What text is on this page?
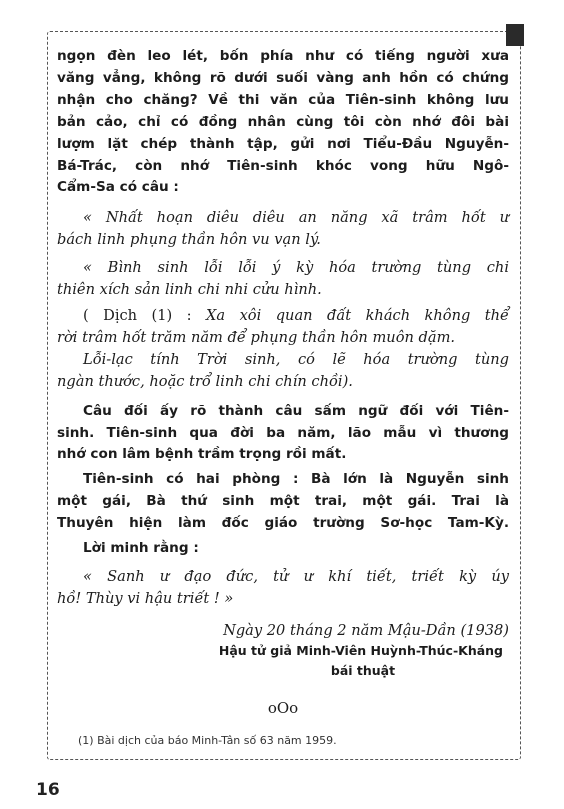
ngọn đèn leo lét, bốn phía như có tiếng người xưa

văng vẳng, không rõ dưới suối vàng anh hồn có chứng

nhận cho chăng? Về thi văn của Tiên-sinh không lưu

bản cảo, chỉ có đồng nhân cùng tôi còn nhớ đôi bài

lượm lặt chép thành tập, gửi nơi Tiểu-Đầu Nguyễn-

Bá-Trác, còn nhớ Tiên-sinh khóc vong hữu Ngô-

Cẩm-Sa có câu :

« Nhất hoạn diêu diêu an năng xã trâm hốt ư

bách linh phụng thần hôn vu vạn lý.

« Bình sinh lỗi lỗi ý kỳ hóa trường tùng chi

thiên xích sản linh chi nhi cửu hình.

( Dịch (1) : Xa xôi quan đất khách không thể

rời trâm hốt trăm năm để phụng thần hôn muôn dặm.

Lỗi-lạc tính Trời sinh, có lẽ hóa trường tùng

ngàn thước, hoặc trổ linh chi chín chồi).

Câu đối ấy rõ thành câu sấm ngữ đối với Tiên-

sinh. Tiên-sinh qua đời ba năm, lão mẫu vì thương

nhớ con lâm bệnh trầm trọng rồi mất.

Tiên-sinh có hai phòng : Bà lớn là Nguyễn sinh

một gái, Bà thứ sinh một trai, một gái. Trai là

Thuyên hiện làm đốc giáo trường Sơ-học Tam-Kỳ.

Lời minh rằng :

« Sanh ư đạo đức, tử ư khí tiết, triết kỳ úy

hồ! Thùy vi hậu triết ! »

Ngày 20 tháng 2 năm Mậu-Dần (1938)

Hậu tử giả Minh-Viên Huỳnh-Thúc-Kháng

bái thuật

oOo

(1) Bài dịch của báo Minh-Tân số 63 năm 1959.
16
